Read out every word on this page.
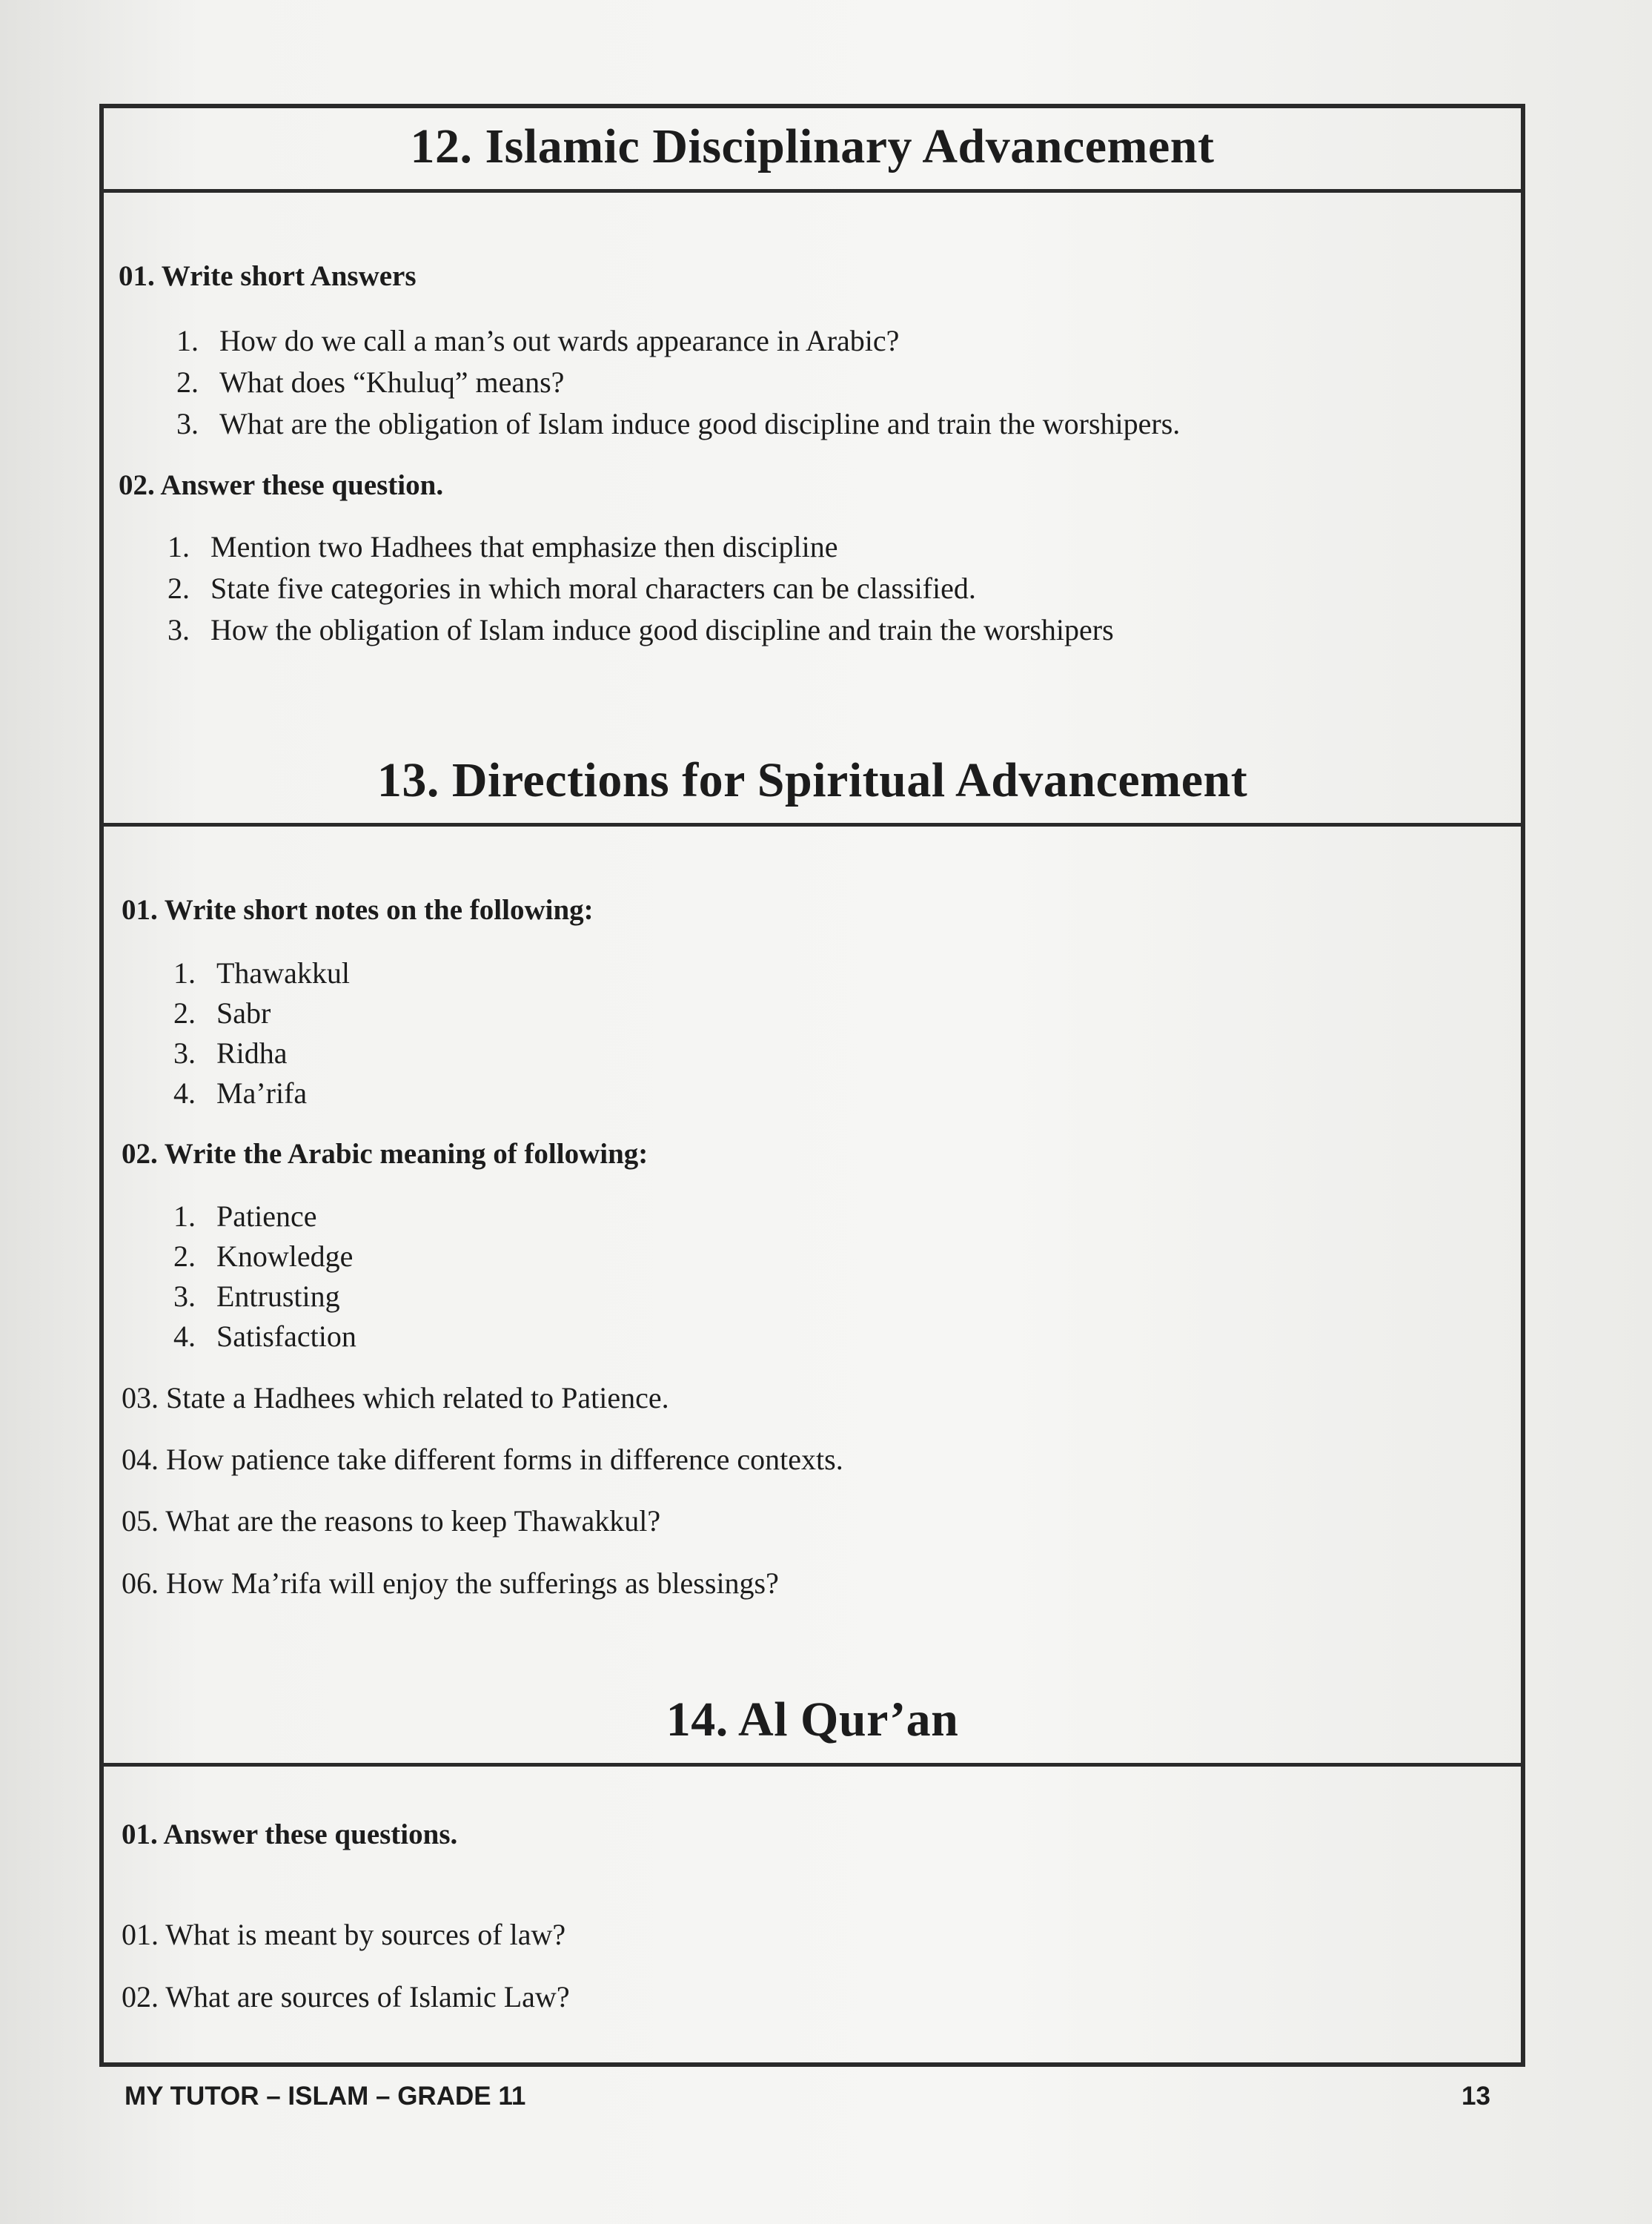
12. Islamic Disciplinary Advancement
01. Write short Answers
1. How do we call a man’s out wards appearance in Arabic?
2. What does “Khuluq” means?
3. What are the obligation of Islam induce good discipline and train the worshipers.
02. Answer these question.
1. Mention two Hadhees that emphasize then discipline
2. State five categories in which moral characters can be classified.
3. How the obligation of Islam induce good discipline and train the worshipers
13. Directions for Spiritual Advancement
01. Write short notes on the following:
1. Thawakkul
2. Sabr
3. Ridha
4. Ma’rifa
02. Write the Arabic meaning of following:
1. Patience
2. Knowledge
3. Entrusting
4. Satisfaction
03. State a Hadhees which related to Patience.
04. How patience take different forms in difference contexts.
05. What are the reasons to keep Thawakkul?
06. How Ma’rifa will enjoy the sufferings as blessings?
14. Al Qur’an
01. Answer these questions.
01. What is meant by sources of law?
02. What are sources of Islamic Law?
MY TUTOR – ISLAM – GRADE 11	13
